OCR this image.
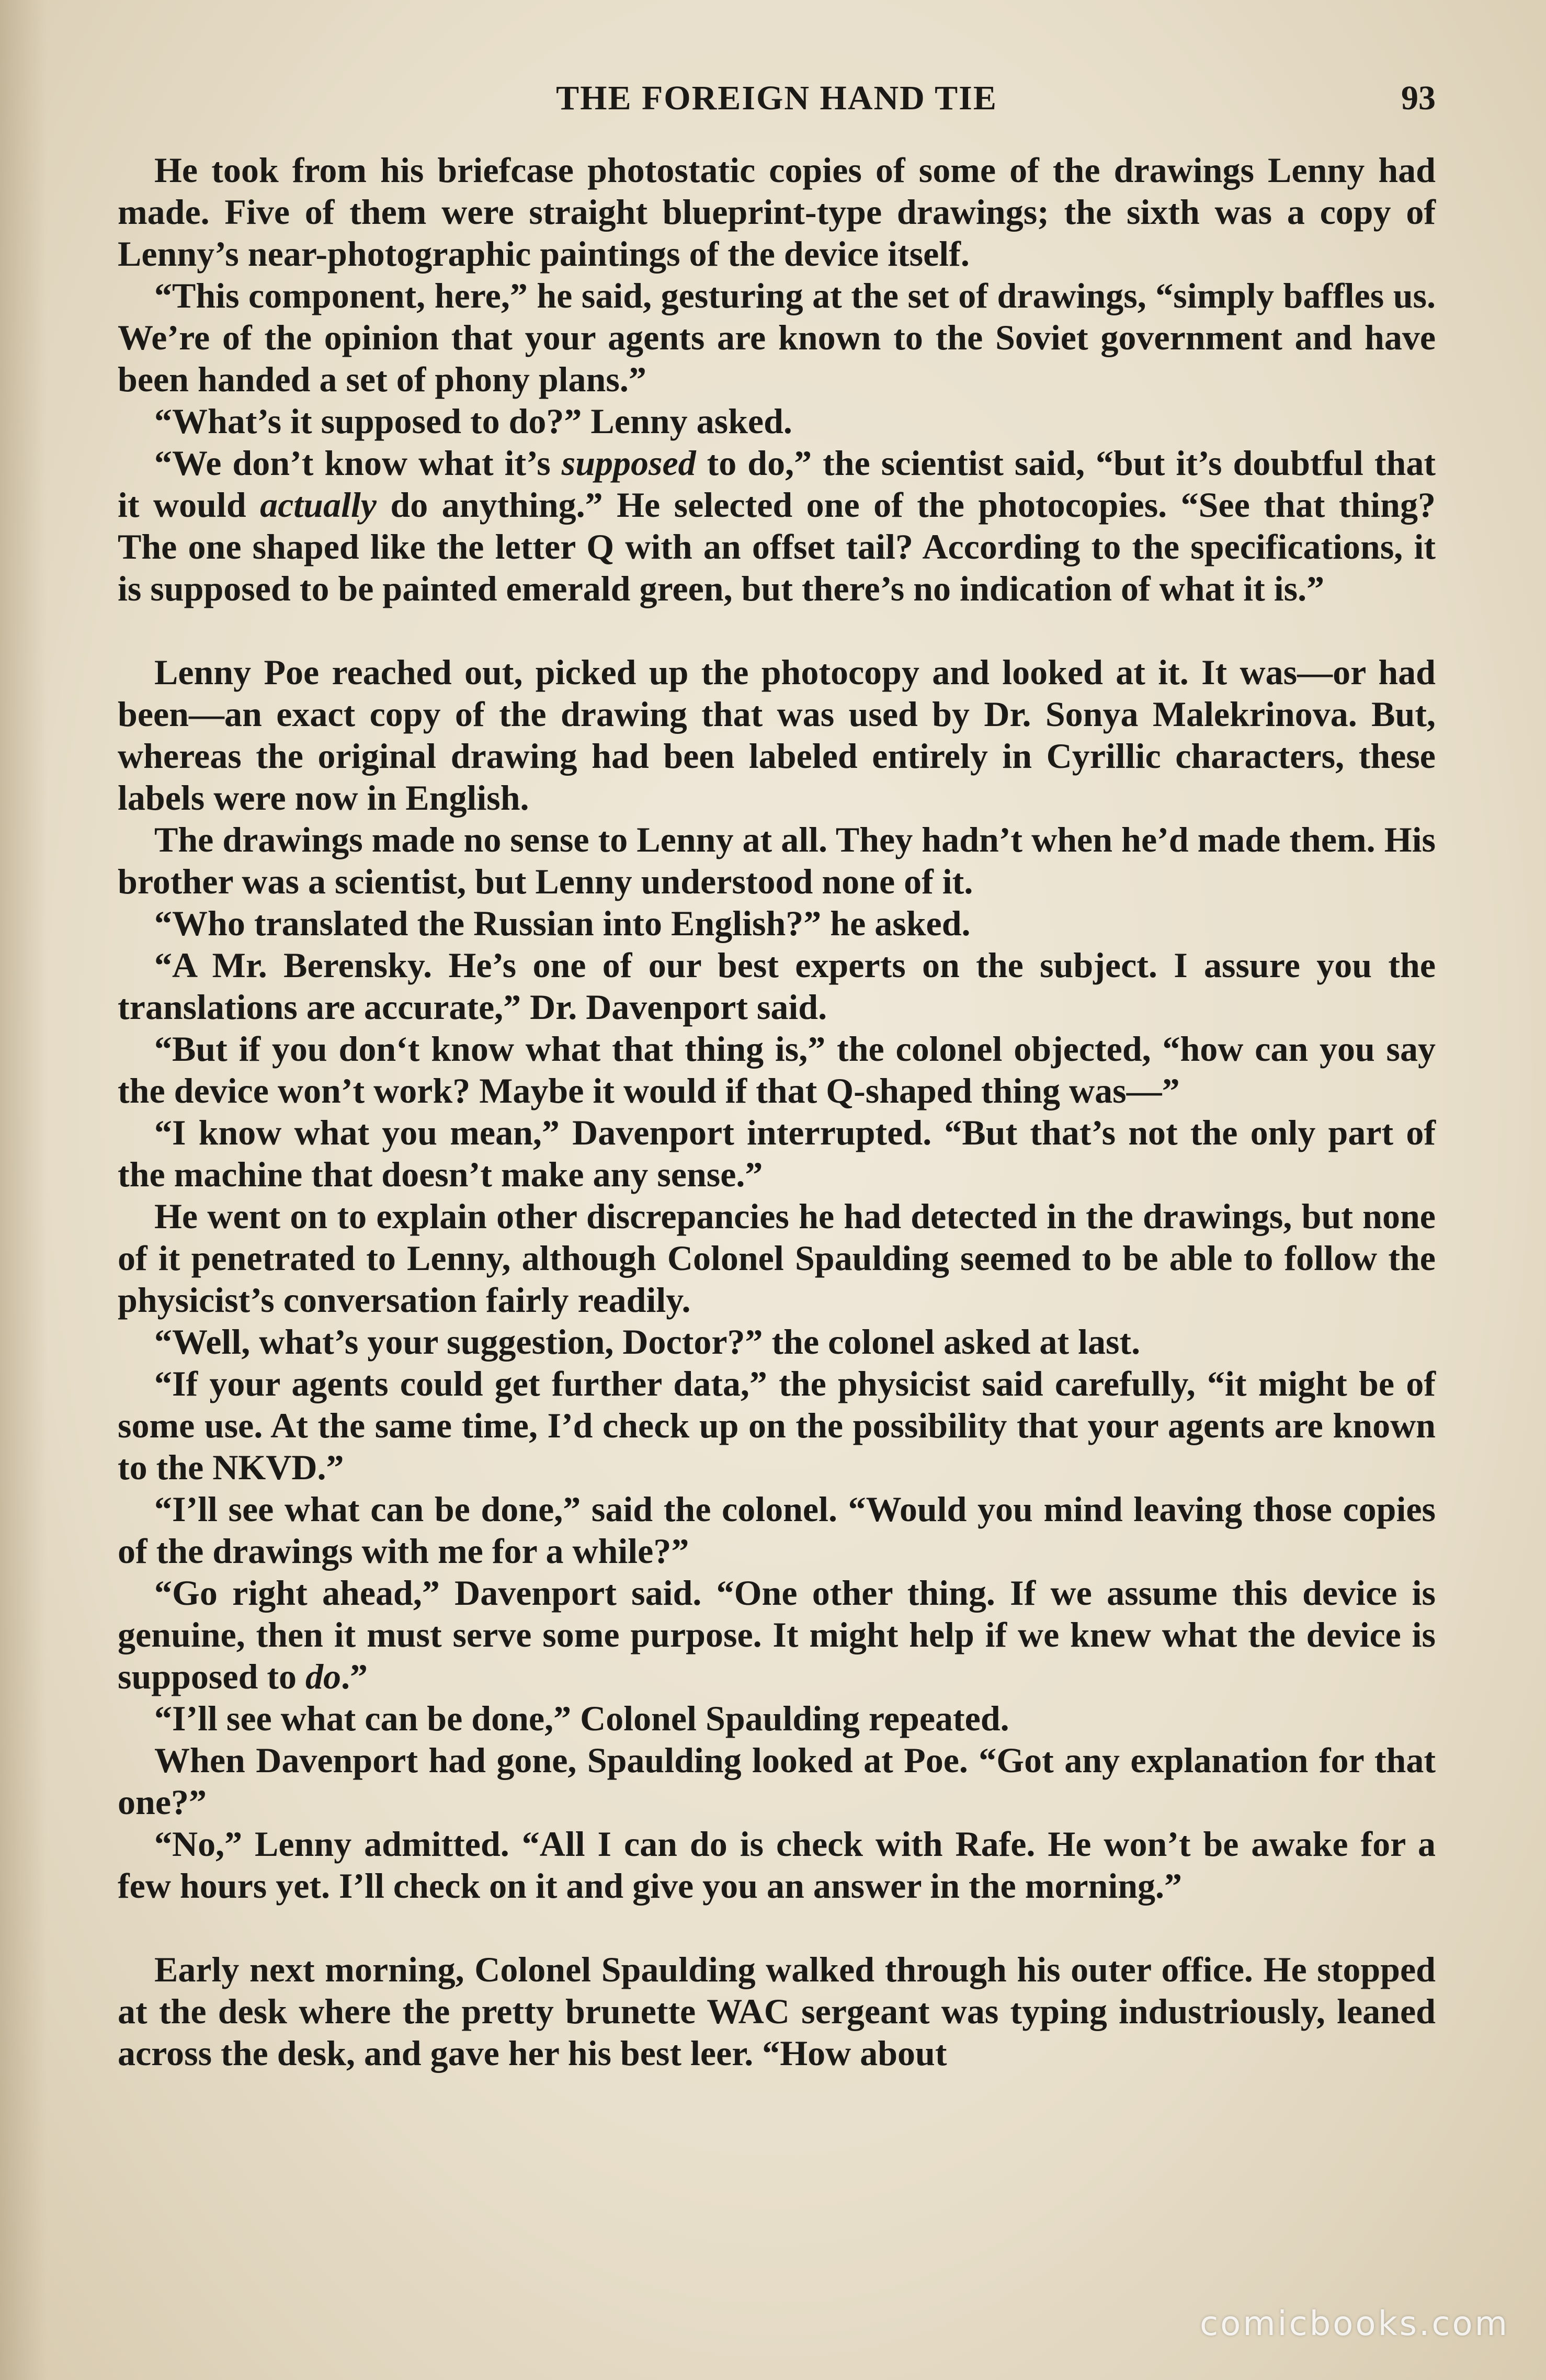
THE FOREIGN HAND TIE	93

He took from his briefcase photostatic copies of some of the drawings Lenny had made. Five of them were straight blueprint-type drawings; the sixth was a copy of Lenny’s near-photographic paintings of the device itself.

“This component, here,” he said, gesturing at the set of drawings, “simply baffles us. We’re of the opinion that your agents are known to the Soviet government and have been handed a set of phony plans.”

“What’s it supposed to do?” Lenny asked.

“We don’t know what it’s supposed to do,” the scientist said, “but it’s doubtful that it would actually do anything.” He selected one of the photocopies. “See that thing? The one shaped like the letter Q with an offset tail? According to the specifications, it is supposed to be painted emerald green, but there’s no indication of what it is.”

Lenny Poe reached out, picked up the photocopy and looked at it. It was—or had been—an exact copy of the drawing that was used by Dr. Sonya Malekrinova. But, whereas the original drawing had been labeled entirely in Cyrillic characters, these labels were now in English.

The drawings made no sense to Lenny at all. They hadn’t when he’d made them. His brother was a scientist, but Lenny understood none of it.

“Who translated the Russian into English?” he asked.

“A Mr. Berensky. He’s one of our best experts on the subject. I assure you the translations are accurate,” Dr. Davenport said.

“But if you don‘t know what that thing is,” the colonel objected, “how can you say the device won’t work? Maybe it would if that Q-shaped thing was—”

“I know what you mean,” Davenport interrupted. “But that’s not the only part of the machine that doesn’t make any sense.”

He went on to explain other discrepancies he had detected in the drawings, but none of it penetrated to Lenny, although Colonel Spaulding seemed to be able to follow the physicist’s conversation fairly readily.

“Well, what’s your suggestion, Doctor?” the colonel asked at last.

“If your agents could get further data,” the physicist said carefully, “it might be of some use. At the same time, I’d check up on the possibility that your agents are known to the NKVD.”

“I’ll see what can be done,” said the colonel. “Would you mind leaving those copies of the drawings with me for a while?”

“Go right ahead,” Davenport said. “One other thing. If we assume this device is genuine, then it must serve some purpose. It might help if we knew what the device is supposed to do.”

“I’ll see what can be done,” Colonel Spaulding repeated.

When Davenport had gone, Spaulding looked at Poe. “Got any explanation for that one?”

“No,” Lenny admitted. “All I can do is check with Rafe. He won’t be awake for a few hours yet. I’ll check on it and give you an answer in the morning.”

Early next morning, Colonel Spaulding walked through his outer office. He stopped at the desk where the pretty brunette WAC sergeant was typing industriously, leaned across the desk, and gave her his best leer. “How about

comicbooks.com
